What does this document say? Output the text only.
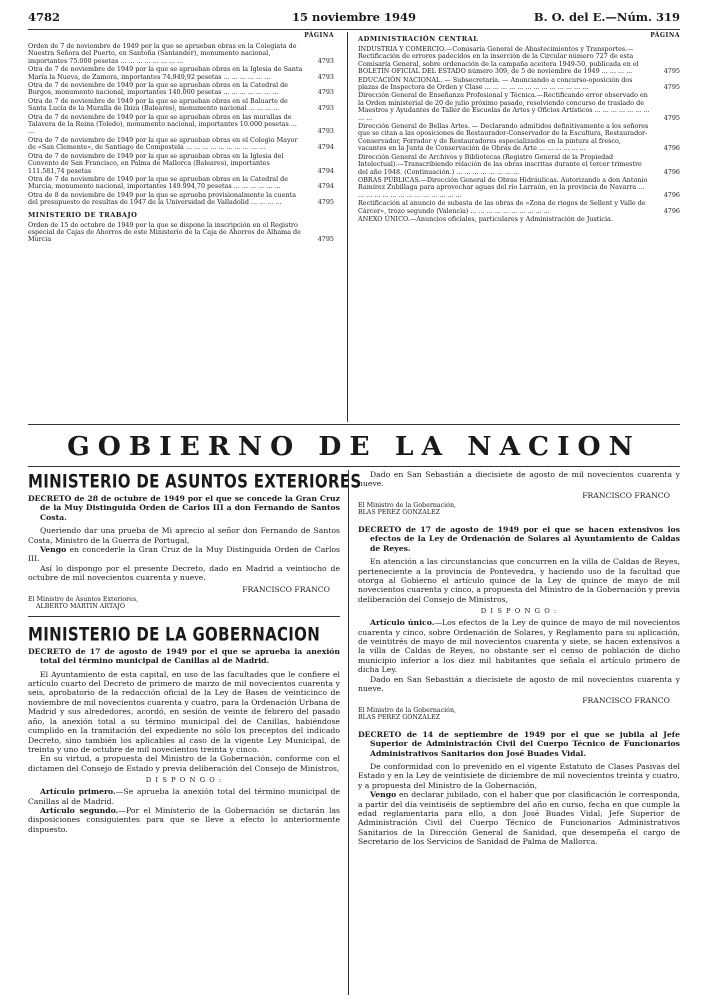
4782	15 noviembre 1949	B. O. del E.—Núm. 319
PÁGINA
Orden de 7 de noviembre de 1949 por la que se aprueban obras en la Colegiata de Nuestra Señora del Puerto, en Santoña (Santander), monumento nacional, importantes 75.000 pesetas ... ... ... ... ... ... ... ...	4793
Otra de 7 de noviembre de 1949 por la que se aprueban obras en la Iglesia de Santa María la Nueva, de Zamora, importantes 74.949,92 pesetas ... ... ... ... ... ...	4793
Otra de 7 de noviembre de 1949 por la que se aprueban obras en la Catedral de Burgos, monumento nacional, importantes 140.000 pesetas ... ... ... ... ... ... ...	4793
Otra de 7 de noviembre de 1949 por la que se aprueban obras en el Baluarte de Santa Lucía de la Muralla de Ibiza (Baleares), monumento nacional ... ... ... ...	4793
Otra de 7 de noviembre de 1949 por la que se aprueban obras en las murallas de Talavera de la Reina (Toledo), monumento nacional, importantes 10.000 pesetas ... ...	4793
Otra de 7 de noviembre de 1949 por la que se aprueban obras en el Colegio Mayor de «San Clemente», de Santiago de Compostela ... ... ... ... ... ... ... ... ... ...	4794
Otra de 7 de noviembre de 1949 por la que se aprueban obras en la Iglesia del Convento de San Francisco, en Palma de Mallorca (Baleares), importantes 111.581,74 pesetas	4794
Otra de 7 de noviembre de 1949 por la que se aprueban obras en la Catedral de Murcia, monumento nacional, importantes 149.994,70 pesetas ... ... ... ... ... ...	4794
Otra de 8 de noviembre de 1949 por la que se aprueba provisionalmente la cuenta del presupuesto de resultas de 1947 de la Universidad de Valladolid ... ... ... ...	4795
MINISTERIO DE TRABAJO
Orden de 15 de octubre de 1949 por la que se dispone la inscripción en el Registro especial de Cajas de Ahorros de este Ministerio de la Caja de Ahorros de Alhama de Murcia	4795
PÁGINA
ADMINISTRACIÓN CENTRAL
INDUSTRIA Y COMERCIO.—Comisaría General de Abastecimientos y Transportes.—Rectificación de errores padecidos en la inserción de la Circular número 727 de esta Comisaría General, sobre ordenación de la campaña aceitera 1949-50, publicada en el BOLETÍN OFICIAL DEL ESTADO número 309, de 5 de noviembre de 1949 ... ... ... ...	4795
EDUCACIÓN NACIONAL. — Subsecretaría. — Anunciando a concurso-oposición dos plazas de Inspectora de Orden y Clase ... ... ... ... ... ... ... ... ... ... ... ... ...	4795
Dirección General de Enseñanza Profesional y Técnica.—Rectificando error observado en la Orden ministerial de 20 de julio próximo pasado, resolviendo concurso de traslado de Maestros y Ayudantes de Taller de Escuelas de Artes y Oficios Artísticos ... ... ... ... ... ... ... ... ...	4795
Dirección General de Bellas Artes. — Declarando admitidos definitivamente a los señores que se citan a las oposiciones de Restaurador-Conservador de la Escultura, Restaurador-Conservador, Forrador y de Restauradores especializados en la pintura al fresco, vacantes en la Junta de Conservación de Obras de Arte ... ... ... ... ... ...	4796
Dirección General de Archivos y Bibliotecas (Registro General de la Propiedad Intelectual).—Transcribiendo relación de las obras inscritas durante el tercer trimestre del año 1948. (Continuación.) ... ... ... ... ... ... ... ...	4796
OBRAS PÚBLICAS.—Dirección General de Obras Hidráulicas. Autorizando a don Antonio Ramírez Zubillaga para aprovechar aguas del río Larraún, en la provincia de Navarra ... ... ... ... ... ... ... ... ... ... ... ... ... ...	4796
Rectificación al anuncio de subasta de las obras de «Zona de riegos de Sellent y Valle de Cárcer», trozo segundo (Valencia) ... ... ... ... ... ... ... ... ... ...	4796
ANEXO ÚNICO.—Anuncios oficiales, particulares y Administración de Justicia.
GOBIERNO DE LA NACION
MINISTERIO DE ASUNTOS EXTERIORES

DECRETO de 28 de octubre de 1949 por el que se concede la Gran Cruz de la Muy Distinguida Orden de Carlos III a don Fernando de Santos Costa.

Queriendo dar una prueba de Mi aprecio al señor don Fernando de Santos Costa, Ministro de la Guerra de Portugal,

Vengo en concederle la Gran Cruz de la Muy Distinguida Orden de Carlos III.

Así lo dispongo por el presente Decreto, dado en Madrid a veintiocho de octubre de mil novecientos cuarenta y nueve.

FRANCISCO FRANCO
El Ministro de Asuntos Exteriores,
ALBERTO MARTIN ARTAJO
MINISTERIO DE LA GOBERNACION

DECRETO de 17 de agosto de 1949 por el que se aprueba la anexión total del término municipal de Canillas al de Madrid.

El Ayuntamiento de esta capital, en uso de las facultades que le confiere el artículo cuarto del Decreto de primero de marzo de mil novecientos cuarenta y seis, aprobatorio de la redacción oficial de la Ley de Bases de veinticinco de noviembre de mil novecientos cuarenta y cuatro, para la Ordenación Urbana de Madrid y sus alrededores, acordó, en sesión de veinte de febrero del pasado año, la anexión total a su término municipal del de Canillas, habiéndose cumplido en la tramitación del expediente no sólo los preceptos del indicado Decreto, sino también los aplicables al caso de la vigente Ley Municipal, de treinta y uno de octubre de mil novecientos treinta y cinco.

En su virtud, a propuesta del Ministro de la Gobernación, conforme con el dictamen del Consejo de Estado y previa deliberación del Consejo de Ministros,

D I S P O N G O :

Artículo primero.—Se aprueba la anexión total del término municipal de Canillas al de Madrid.

Artículo segundo.—Por el Ministerio de la Gobernación se dictarán las disposiciones consiguientes para que se lleve a efecto lo anteriormente dispuesto.

Dado en San Sebastián a diecisiete de agosto de mil novecientos cuarenta y nueve.

FRANCISCO FRANCO
El Ministro de la Gobernación,
BLAS PEREZ GONZALEZ

DECRETO de 17 de agosto de 1949 por el que se hacen extensivos los efectos de la Ley de Ordenación de Solares al Ayuntamiento de Caldas de Reyes.

En atención a las circunstancias que concurren en la villa de Caldas de Reyes, perteneciente a la provincia de Pontevedra, y haciendo uso de la facultad que otorga al Gobierno el artículo quince de la Ley de quince de mayo de mil novecientos cuarenta y cinco, a propuesta del Ministro de la Gobernación y previa deliberación del Consejo de Ministros,

D I S P O N G O :

Artículo único.—Los efectos de la Ley de quince de mayo de mil novecientos cuarenta y cinco, sobre Ordenación de Solares, y Reglamento para su aplicación, de veintitrés de mayo de mil novecientos cuarenta y siete, se hacen extensivos a la villa de Caldas de Reyes, no obstante ser el censo de población de dicho municipio inferior a los diez mil habitantes que señala el artículo primero de dicha Ley.

Dado en San Sebastián a diecisiete de agosto de mil novecientos cuarenta y nueve.

FRANCISCO FRANCO
El Ministro de la Gobernación,
BLAS PEREZ GONZALEZ

DECRETO de 14 de septiembre de 1949 por el que se jubila al Jefe Superior de Administración Civil del Cuerpo Técnico de Funcionarios Administrativos Sanitarios don José Buades Vidal.

De conformidad con lo prevenido en el vigente Estatuto de Clases Pasivas del Estado y en la Ley de veintisiete de diciembre de mil novecientos treinta y cuatro, y a propuesta del Ministro de la Gobernación,

Vengo en declarar jubilado, con el haber que por clasificación le corresponda, a partir del día veintiséis de septiembre del año en curso, fecha en que cumple la edad reglamentaria para ello, a don José Buades Vidal, Jefe Superior de Administración Civil del Cuerpo Técnico de Funcionarios Administrativos Sanitarios de la Dirección General de Sanidad, que desempeña el cargo de Secretario de los Servicios de Sanidad de Palma de Mallorca.
